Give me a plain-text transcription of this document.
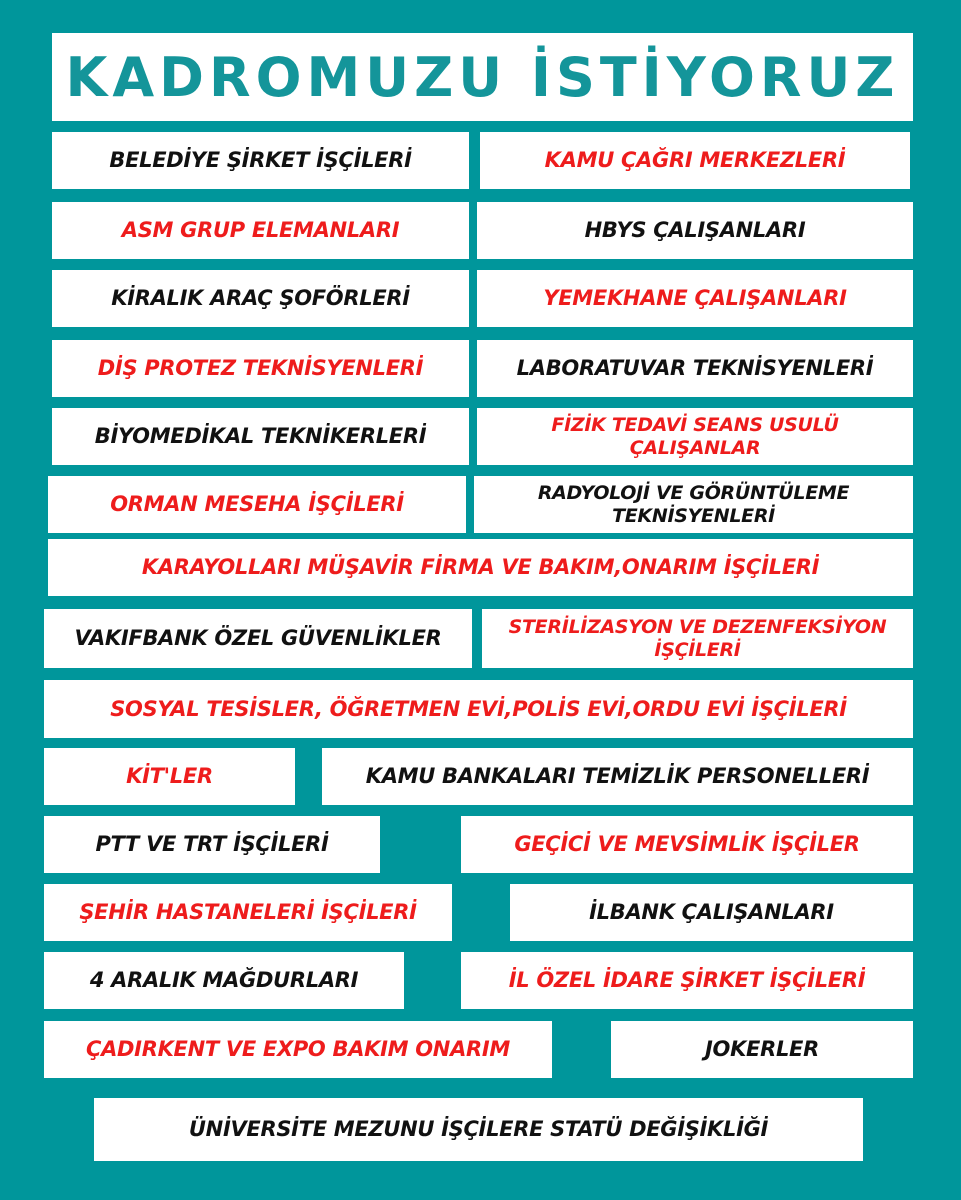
KADROMUZU İSTİYORUZ
BELEDİYE ŞİRKET İŞÇİLERİ	KAMU ÇAĞRI MERKEZLERİ
ASM GRUP ELEMANLARI	HBYS ÇALIŞANLARI
KİRALIK ARAÇ ŞOFÖRLERİ	YEMEKHANE ÇALIŞANLARI
DİŞ PROTEZ TEKNİSYENLERİ	LABORATUVAR TEKNİSYENLERİ
BİYOMEDİKAL TEKNİKERLERİ	FİZİK TEDAVİ SEANS USULÜ ÇALIŞANLAR
ORMAN MESEHA İŞÇİLERİ	RADYOLOJİ VE GÖRÜNTÜLEME TEKNİSYENLERİ
KARAYOLLARI MÜŞAVİR FİRMA VE BAKIM,ONARIM İŞÇİLERİ
VAKIFBANK ÖZEL GÜVENLİKLER	STERİLİZASYON VE DEZENFEKSİYON İŞÇİLERİ
SOSYAL TESİSLER, ÖĞRETMEN EVİ,POLİS EVİ,ORDU EVİ İŞÇİLERİ
KİT'LER	KAMU BANKALARI TEMİZLİK PERSONELLERİ
PTT VE TRT İŞÇİLERİ	GEÇİCİ VE MEVSİMLİK İŞÇİLER
ŞEHİR HASTANELERİ İŞÇİLERİ	İLBANK ÇALIŞANLARI
4 ARALIK MAĞDURLARI	İL ÖZEL İDARE ŞİRKET İŞÇİLERİ
ÇADIRKENT VE EXPO BAKIM ONARIM	JOKERLER
ÜNİVERSİTE MEZUNU İŞÇİLERE STATÜ DEĞİŞİKLİĞİ
